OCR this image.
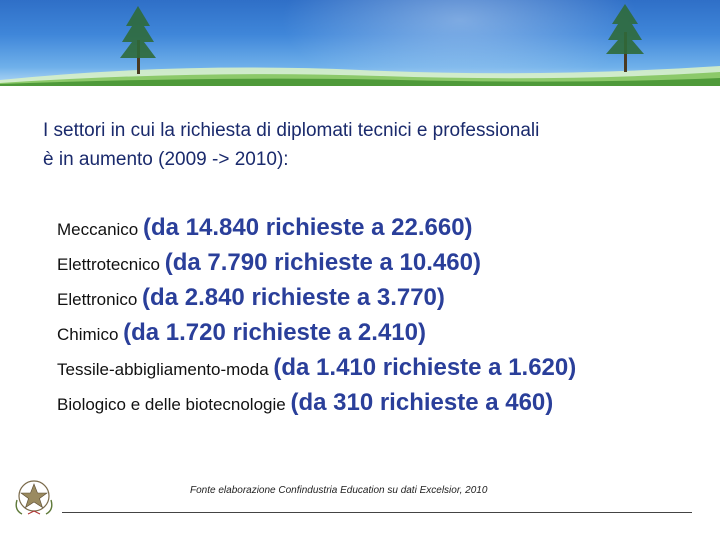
I settori in cui la richiesta di diplomati tecnici e professionali
è in aumento (2009 -> 2010):
Meccanico (da 14.840 richieste a 22.660)
Elettrotecnico (da 7.790 richieste a 10.460)
Elettronico (da 2.840 richieste a 3.770)
Chimico (da 1.720 richieste a 2.410)
Tessile-abbigliamento-moda (da 1.410 richieste a 1.620)
Biologico e delle biotecnologie (da 310 richieste a 460)
Fonte elaborazione Confindustria Education su dati Excelsior, 2010
